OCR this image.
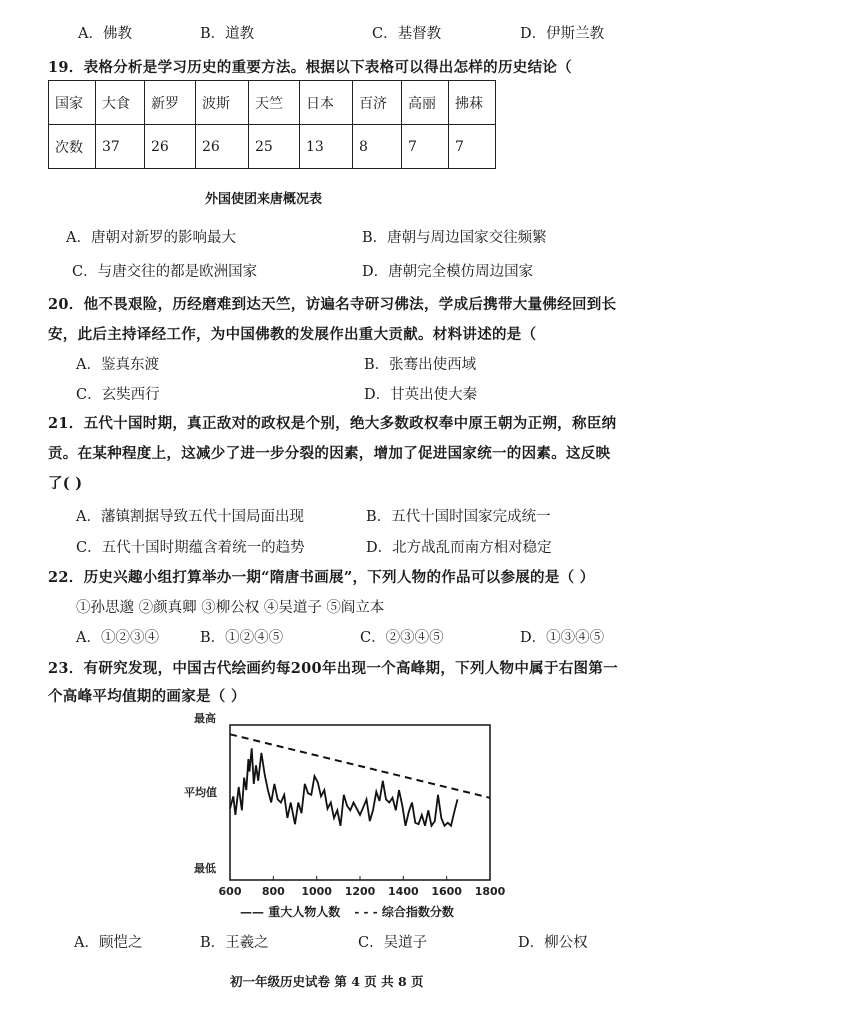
A．佛教	B．道教	C．基督教	D．伊斯兰教
19．表格分析是学习历史的重要方法。根据以下表格可以得出怎样的历史结论（
国家	大食	新罗	波斯	天竺	日本	百济	高丽	拂菻
次数	37	26	26	25	13	8	7	7
外国使团来唐概况表
A．唐朝对新罗的影响最大	B．唐朝与周边国家交往频繁
C．与唐交往的都是欧洲国家	D．唐朝完全模仿周边国家
20．他不畏艰险，历经磨难到达天竺，访遍名寺研习佛法，学成后携带大量佛经回到长
安，此后主持译经工作，为中国佛教的发展作出重大贡献。材料讲述的是（
A．鉴真东渡	B．张骞出使西域
C．玄奘西行	D．甘英出使大秦
21．五代十国时期，真正敌对的政权是个别，绝大多数政权奉中原王朝为正朔，称臣纳
贡。在某种程度上，这减少了进一步分裂的因素，增加了促进国家统一的因素。这反映
了( )
A．藩镇割据导致五代十国局面出现	B．五代十国时国家完成统一
C．五代十国时期蕴含着统一的趋势	D．北方战乱而南方相对稳定
22．历史兴趣小组打算举办一期“隋唐书画展”，下列人物的作品可以参展的是（ ）
①孙思邈 ②颜真卿 ③柳公权 ④吴道子 ⑤阎立本
A．①②③④	B．①②④⑤	C．②③④⑤	D．①③④⑤
23．有研究发现，中国古代绘画约每200年出现一个高峰期，下列人物中属于右图第一
个高峰平均值期的画家是（ ）
最高
平均值
最低
600 800 1000 1200 1400 1600 1800
—— 重大人物人数 - - - 综合指数分数
A．顾恺之	B．王羲之	C．吴道子	D．柳公权
初一年级历史试卷 第 4 页 共 8 页
